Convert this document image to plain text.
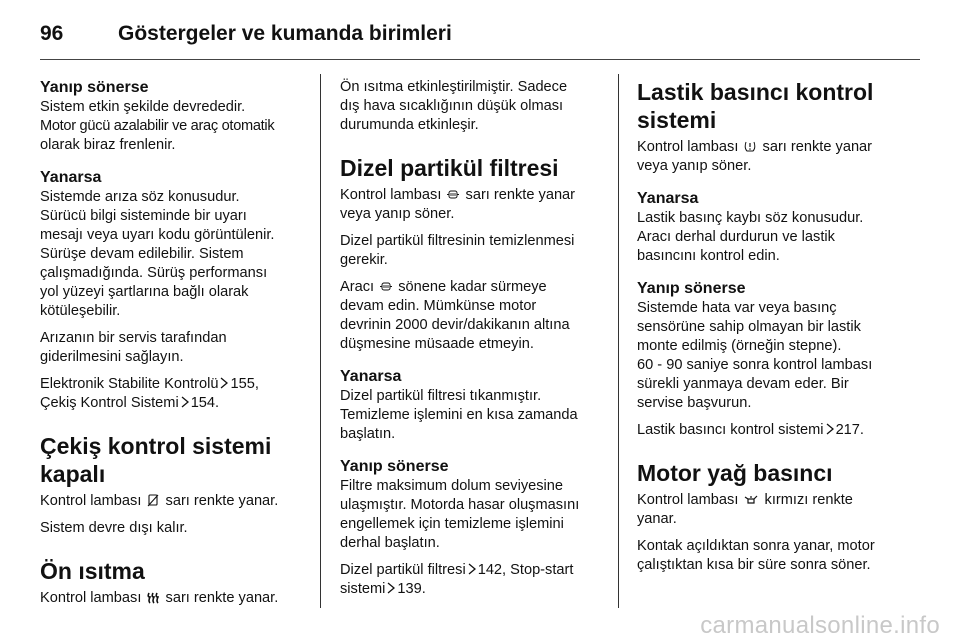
96	Göstergeler ve kumanda birimleri
Yanıp sönerse

Sistem etkin şekilde devrededir.

Motor gücü azalabilir ve araç otomatik

olarak biraz frenlenir.

Yanarsa

Sistemde arıza söz konusudur.

Sürücü bilgi sisteminde bir uyarı

mesajı veya uyarı kodu görüntülenir.

Sürüşe devam edilebilir. Sistem

çalışmadığında. Sürüş performansı

yol yüzeyi şartlarına bağlı olarak

kötüleşebilir.

Arızanın bir servis tarafından

giderilmesini sağlayın.

Elektronik Stabilite Kontrolü 155,

Çekiş Kontrol Sistemi 154.

Çekiş kontrol sistemi
kapalı

Kontrol lambası sarı renkte yanar.

Sistem devre dışı kalır.

Ön ısıtma

Kontrol lambası sarı renkte yanar.

Ön ısıtma etkinleştirilmiştir. Sadece

dış hava sıcaklığının düşük olması

durumunda etkinleşir.

Dizel partikül filtresi

Kontrol lambası sarı renkte yanar

veya yanıp söner.

Dizel partikül filtresinin temizlenmesi

gerekir.

Aracı sönene kadar sürmeye

devam edin. Mümkünse motor

devrinin 2000 devir/dakikanın altına

düşmesine müsaade etmeyin.

Yanarsa

Dizel partikül filtresi tıkanmıştır.

Temizleme işlemini en kısa zamanda

başlatın.

Yanıp sönerse

Filtre maksimum dolum seviyesine

ulaşmıştır. Motorda hasar oluşmasını

engellemek için temizleme işlemini

derhal başlatın.

Dizel partikül filtresi 142, Stop-start

sistemi 139.

Lastik basıncı kontrol
sistemi

Kontrol lambası sarı renkte yanar

veya yanıp söner.

Yanarsa

Lastik basınç kaybı söz konusudur.

Aracı derhal durdurun ve lastik

basıncını kontrol edin.

Yanıp sönerse

Sistemde hata var veya basınç

sensörüne sahip olmayan bir lastik

monte edilmiş (örneğin stepne).

60 - 90 saniye sonra kontrol lambası

sürekli yanmaya devam eder. Bir

servise başvurun.

Lastik basıncı kontrol sistemi 217.

Motor yağ basıncı

Kontrol lambası kırmızı renkte

yanar.

Kontak açıldıktan sonra yanar, motor

çalıştıktan kısa bir süre sonra söner.

carmanualsonline.info
